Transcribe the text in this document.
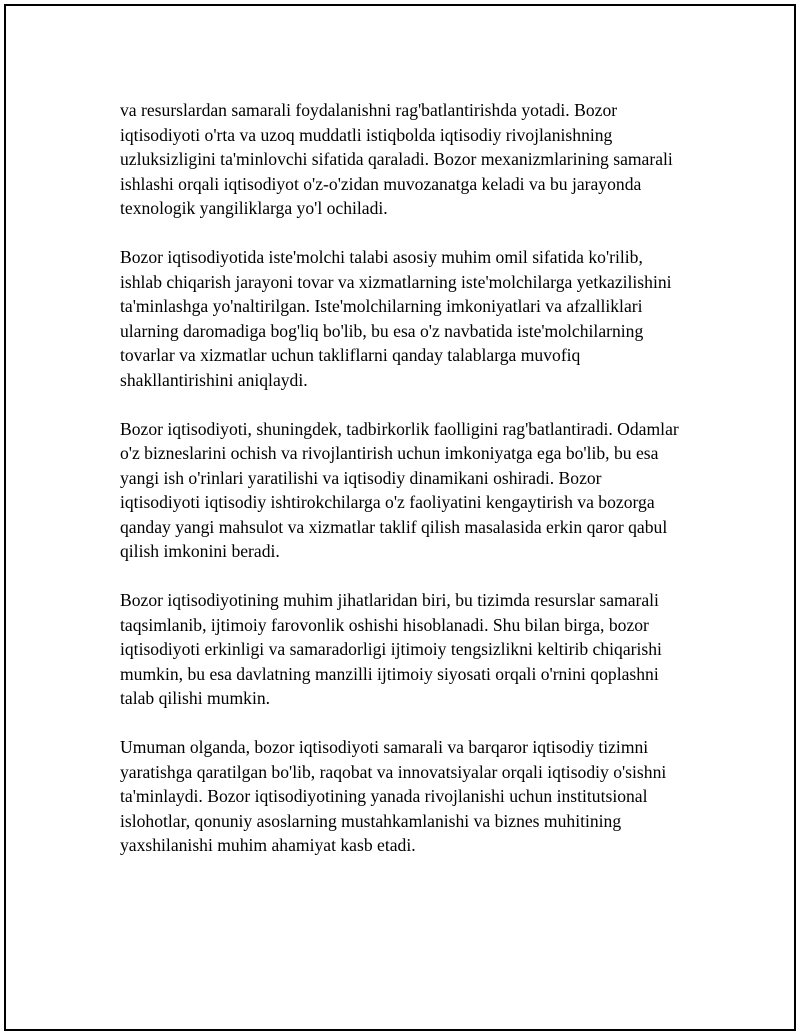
va resurslardan samarali foydalanishni rag'batlantirishda yotadi. Bozor iqtisodiyoti o'rta va uzoq muddatli istiqbolda iqtisodiy rivojlanishning uzluksizligini ta'minlovchi sifatida qaraladi. Bozor mexanizmlarining samarali ishlashi orqali iqtisodiyot o'z-o'zidan muvozanatga keladi va bu jarayonda texnologik yangiliklarga yo'l ochiladi.

Bozor iqtisodiyotida iste'molchi talabi asosiy muhim omil sifatida ko'rilib, ishlab chiqarish jarayoni tovar va xizmatlarning iste'molchilarga yetkazilishini ta'minlashga yo'naltirilgan. Iste'molchilarning imkoniyatlari va afzalliklari ularning daromadiga bog'liq bo'lib, bu esa o'z navbatida iste'molchilarning tovarlar va xizmatlar uchun takliflarni qanday talablarga muvofiq shakllantirishini aniqlaydi.

Bozor iqtisodiyoti, shuningdek, tadbirkorlik faolligini rag'batlantiradi. Odamlar o'z bizneslarini ochish va rivojlantirish uchun imkoniyatga ega bo'lib, bu esa yangi ish o'rinlari yaratilishi va iqtisodiy dinamikani oshiradi. Bozor iqtisodiyoti iqtisodiy ishtirokchilarga o'z faoliyatini kengaytirish va bozorga qanday yangi mahsulot va xizmatlar taklif qilish masalasida erkin qaror qabul qilish imkonini beradi.

Bozor iqtisodiyotining muhim jihatlaridan biri, bu tizimda resurslar samarali taqsimlanib, ijtimoiy farovonlik oshishi hisoblanadi. Shu bilan birga, bozor iqtisodiyoti erkinligi va samaradorligi ijtimoiy tengsizlikni keltirib chiqarishi mumkin, bu esa davlatning manzilli ijtimoiy siyosati orqali o'rnini qoplashni talab qilishi mumkin.

Umuman olganda, bozor iqtisodiyoti samarali va barqaror iqtisodiy tizimni yaratishga qaratilgan bo'lib, raqobat va innovatsiyalar orqali iqtisodiy o'sishni ta'minlaydi. Bozor iqtisodiyotining yanada rivojlanishi uchun institutsional islohotlar, qonuniy asoslarning mustahkamlanishi va biznes muhitining yaxshilanishi muhim ahamiyat kasb etadi.
